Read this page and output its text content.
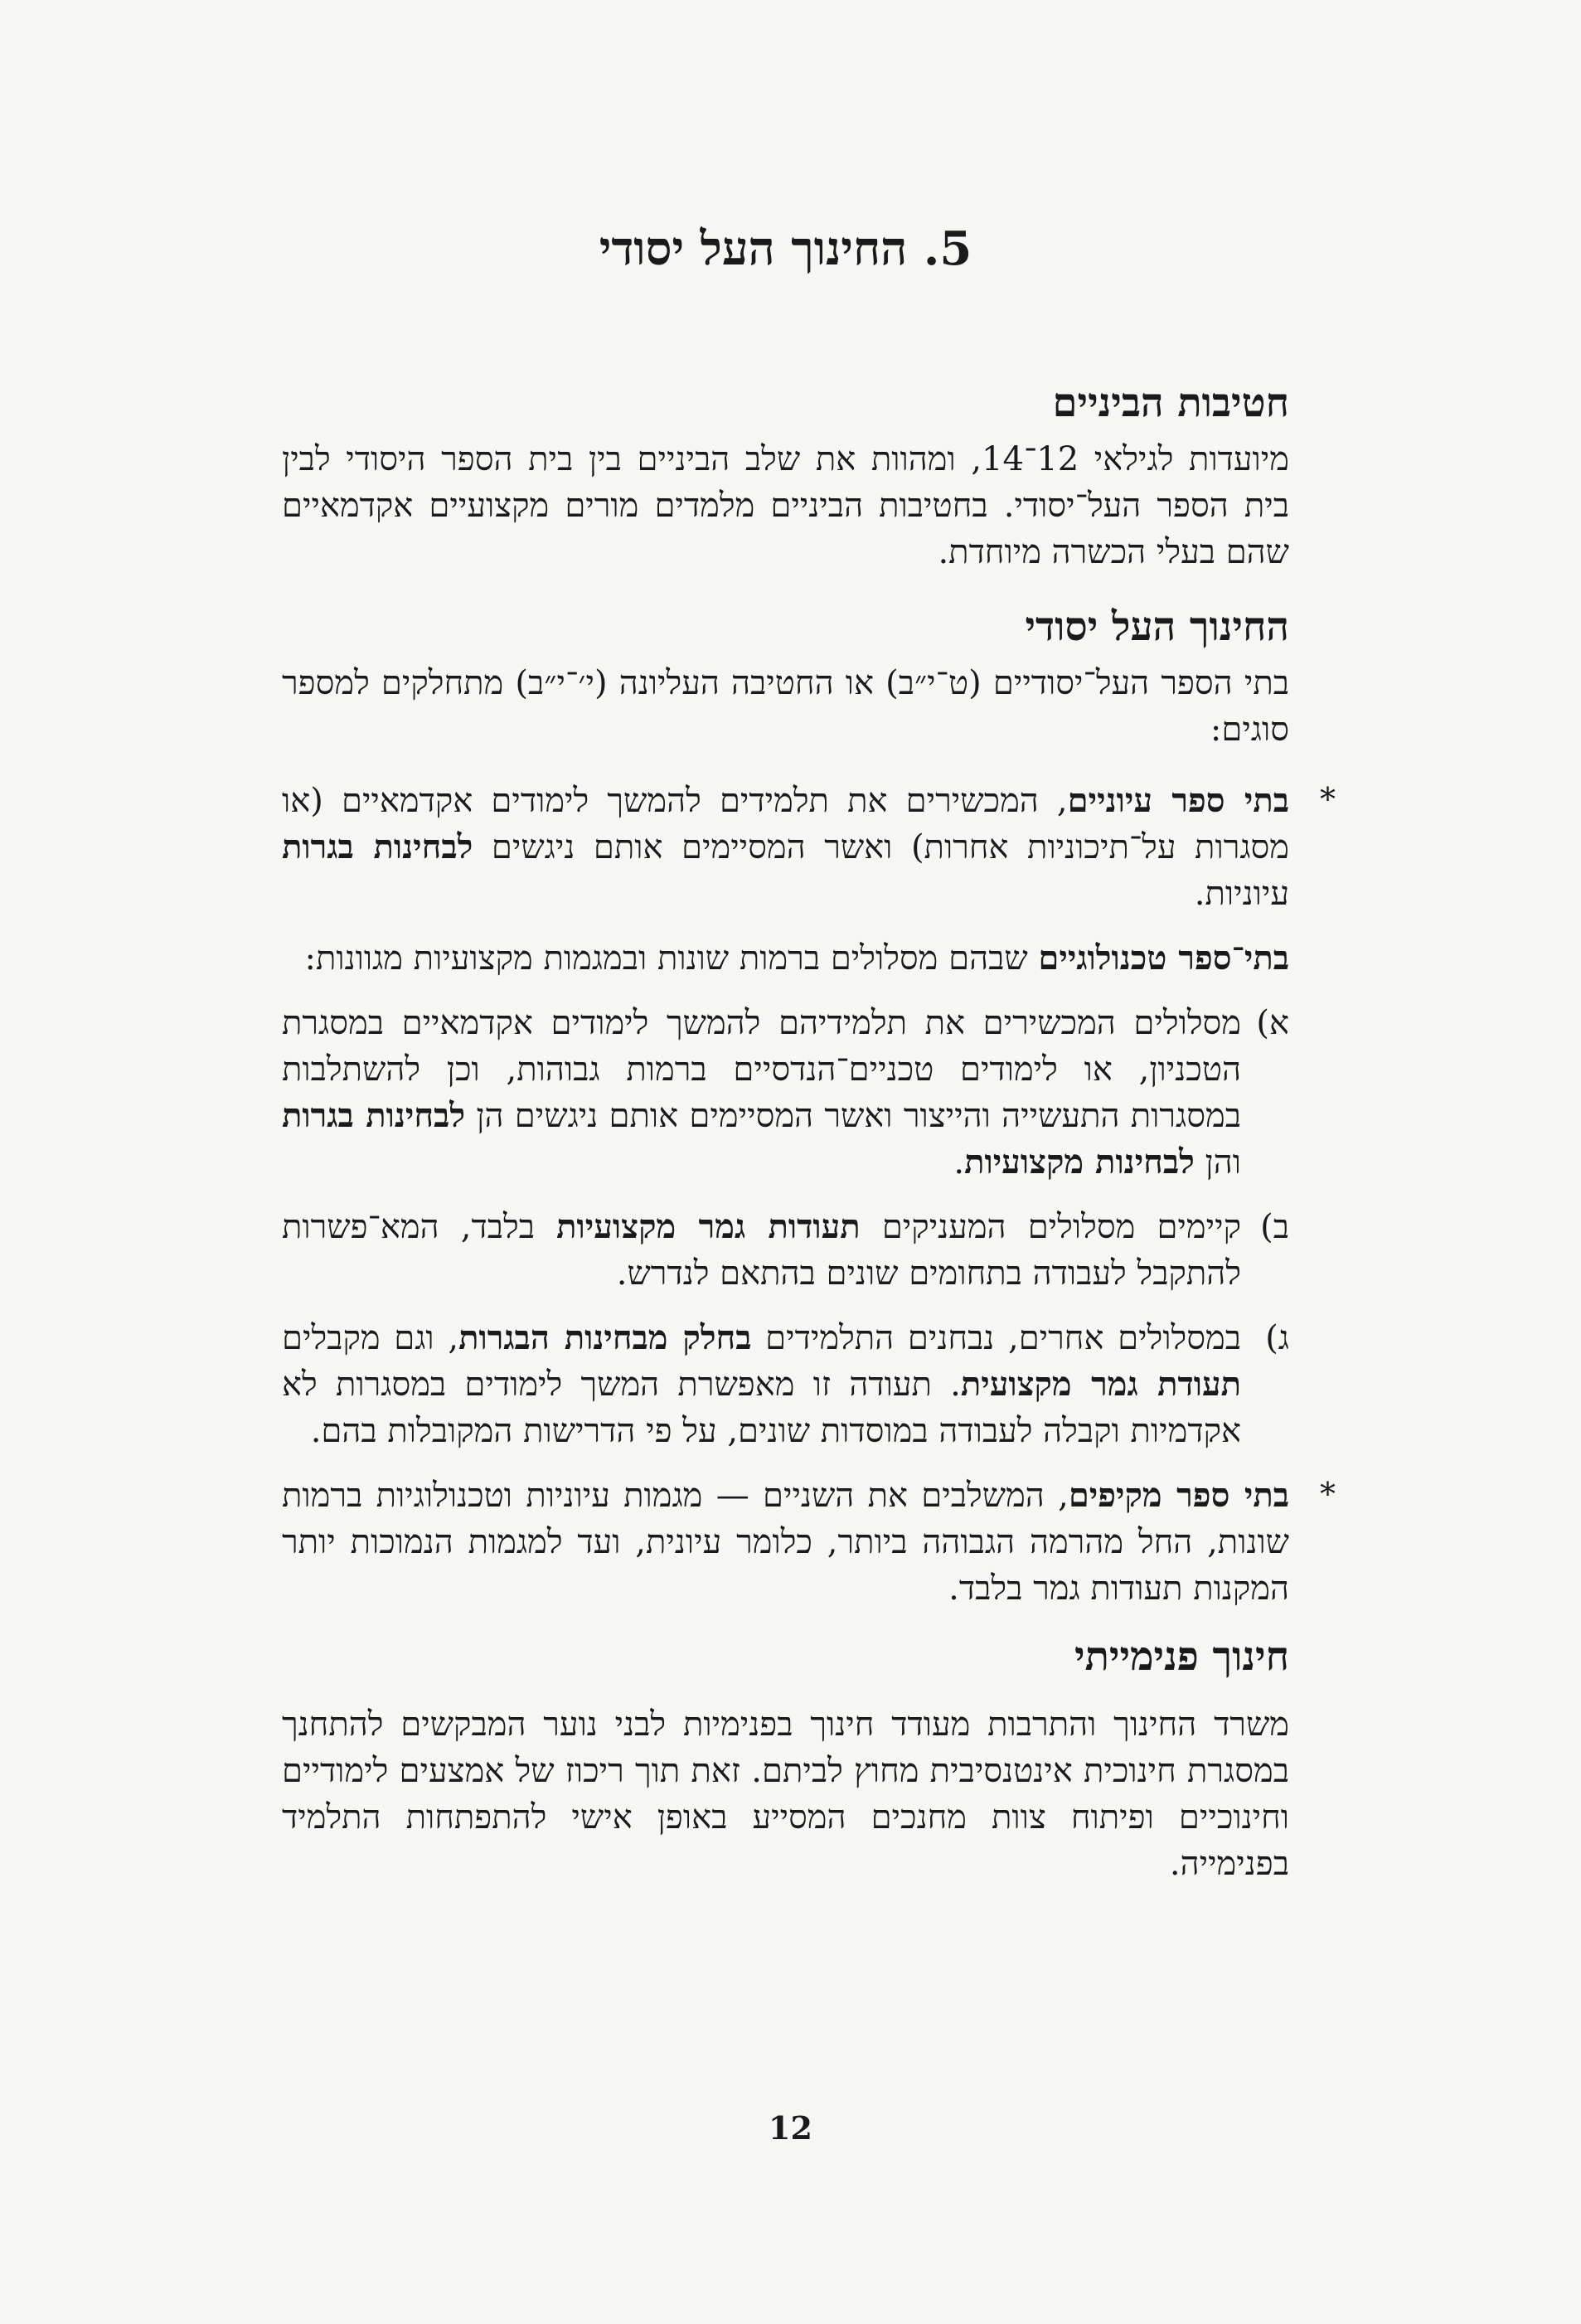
5. החינוך העל יסודי
חטיבות הביניים

מיועדות לגילאי 12־14, ומהוות את שלב הביניים בין בית הספר היסודי לבין בית הספר העל־יסודי. בחטיבות הביניים מלמדים מורים מקצועיים אקדמאיים שהם בעלי הכשרה מיוחדת.

החינוך העל יסודי

בתי הספר העל־יסודיים (ט־י״ב) או החטיבה העליונה (י׳־י״ב) מתחלקים למספר סוגים:

*
בתי ספר עיוניים, המכשירים את תלמידים להמשך לימודים אקדמאיים (או מסגרות על־תיכוניות אחרות) ואשר המסיימים אותם ניגשים לבחינות בגרות עיוניות.
בתי־ספר טכנולוגיים שבהם מסלולים ברמות שונות ובמגמות מקצועיות מגוונות:
א)
מסלולים המכשירים את תלמידיהם להמשך לימודים אקדמאיים במסגרת הטכניון, או לימודים טכניים־הנדסיים ברמות גבוהות, וכן להשתלבות במסגרות התעשייה והייצור ואשר המסיימים אותם ניגשים הן לבחינות בגרות והן לבחינות מקצועיות.
ב)
קיימים מסלולים המעניקים תעודות גמר מקצועיות בלבד, המא־פשרות להתקבל לעבודה בתחומים שונים בהתאם לנדרש.
ג)
במסלולים אחרים, נבחנים התלמידים בחלק מבחינות הבגרות, וגם מקבלים תעודת גמר מקצועית. תעודה זו מאפשרת המשך לימודים במסגרות לא אקדמיות וקבלה לעבודה במוסדות שונים, על פי הדרישות המקובלות בהם.
*
בתי ספר מקיפים, המשלבים את השניים — מגמות עיוניות וטכנולוגיות ברמות שונות, החל מהרמה הגבוהה ביותר, כלומר עיונית, ועד למגמות הנמוכות יותר המקנות תעודות גמר בלבד.
חינוך פנימייתי

משרד החינוך והתרבות מעודד חינוך בפנימיות לבני נוער המבקשים להתחנך במסגרת חינוכית אינטנסיבית מחוץ לביתם. זאת תוך ריכוז של אמצעים לימודיים וחינוכיים ופיתוח צוות מחנכים המסייע באופן אישי להתפתחות התלמיד בפנימייה.

12
